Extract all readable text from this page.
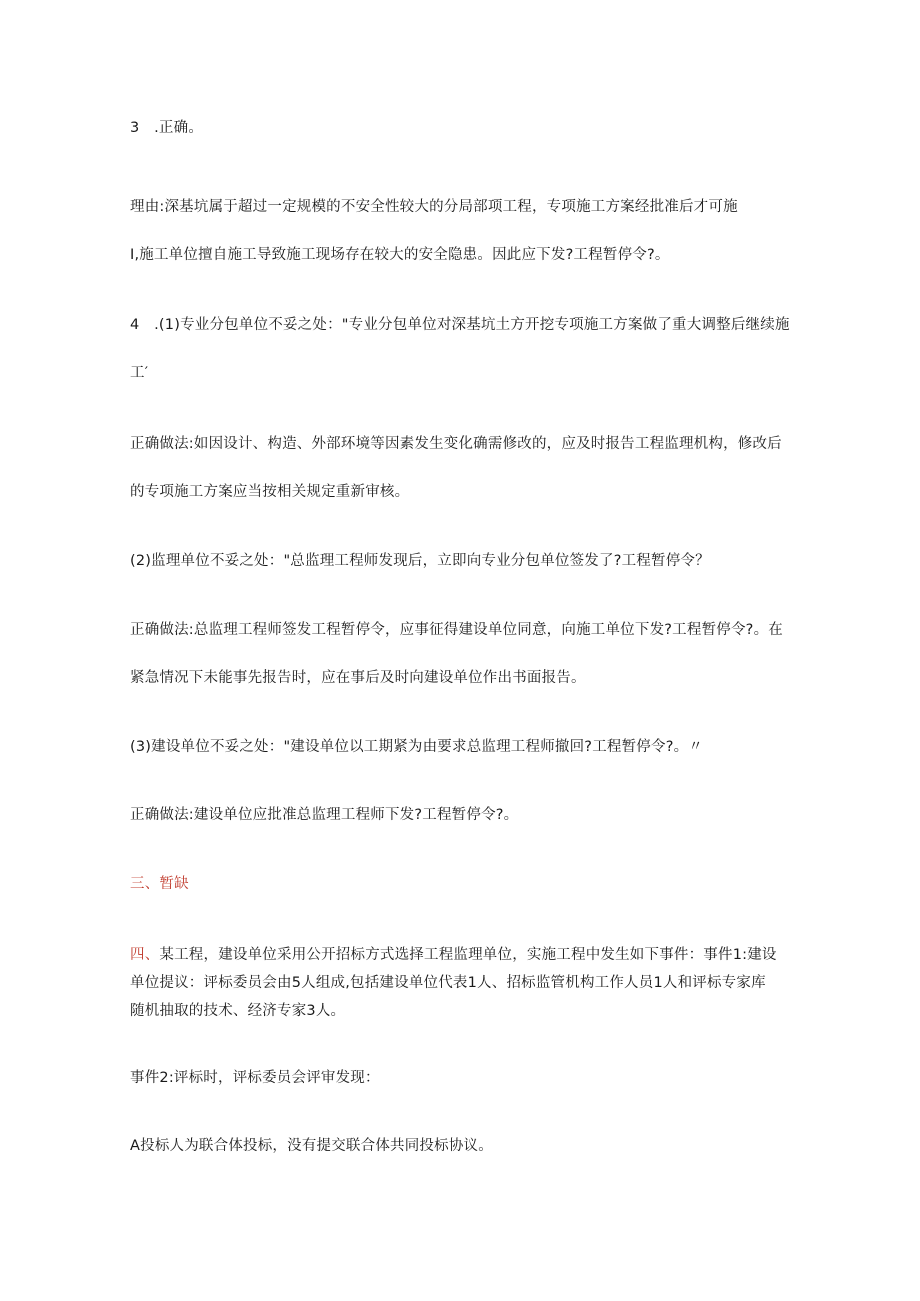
3　.正确。
理由:深基坑属于超过一定规模的不安全性较大的分局部项工程，专项施工方案经批准后才可施
I,施工单位擅自施工导致施工现场存在较大的安全隐患。因此应下发?工程暂停令?。
4　.(1)专业分包单位不妥之处："专业分包单位对深基坑土方开挖专项施工方案做了重大调整后继续施
工′
正确做法:如因设计、构造、外部环境等因素发生变化确需修改的，应及时报告工程监理机构，修改后
的专项施工方案应当按相关规定重新审核。
(2)监理单位不妥之处："总监理工程师发现后，立即向专业分包单位签发了?工程暂停令？
正确做法:总监理工程师签发工程暂停令，应事征得建设单位同意，向施工单位下发?工程暂停令?。在
紧急情况下未能事先报告时，应在事后及时向建设单位作出书面报告。
(3)建设单位不妥之处："建设单位以工期紧为由要求总监理工程师撤回?工程暂停令?。〃
正确做法:建设单位应批准总监理工程师下发?工程暂停令?。
三、暂缺
四、某工程，建设单位采用公开招标方式选择工程监理单位，实施工程中发生如下事件：事件1:建设
单位提议：评标委员会由5人组成,包括建设单位代表1人、招标监管机构工作人员1人和评标专家库
随机抽取的技术、经济专家3人。
事件2:评标时，评标委员会评审发现：
A投标人为联合体投标，没有提交联合体共同投标协议。
